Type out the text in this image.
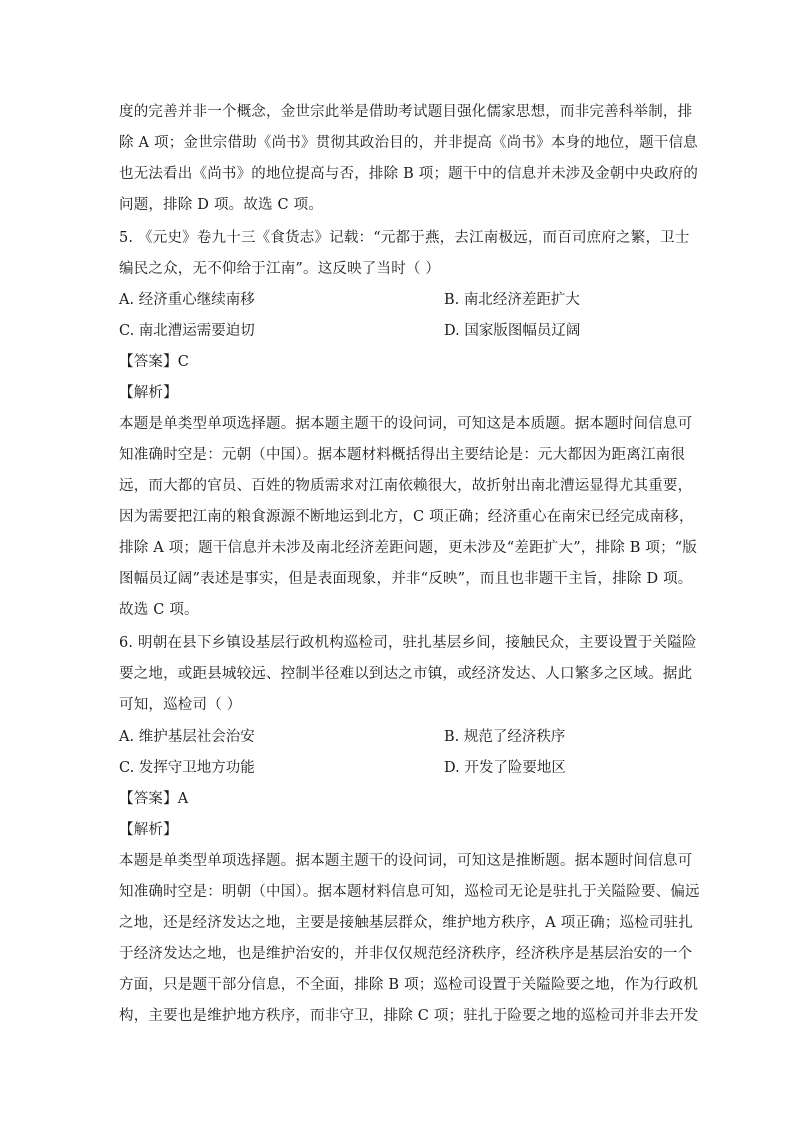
度的完善并非一个概念，金世宗此举是借助考试题目强化儒家思想，而非完善科举制，排
除 A 项；金世宗借助《尚书》贯彻其政治目的，并非提高《尚书》本身的地位，题干信息
也无法看出《尚书》的地位提高与否，排除 B 项；题干中的信息并未涉及金朝中央政府的
问题，排除 D 项。故选 C 项。
5. 《元史》卷九十三《食货志》记载：“元都于燕，去江南极远，而百司庶府之繁，卫士
编民之众，无不仰给于江南”。这反映了当时（ ）
A. 经济重心继续南移	B. 南北经济差距扩大
C. 南北漕运需要迫切	D. 国家版图幅员辽阔
【答案】C
【解析】
本题是单类型单项选择题。据本题主题干的设问词，可知这是本质题。据本题时间信息可
知准确时空是：元朝（中国）。据本题材料概括得出主要结论是：元大都因为距离江南很
远，而大都的官员、百姓的物质需求对江南依赖很大，故折射出南北漕运显得尤其重要，
因为需要把江南的粮食源源不断地运到北方，C 项正确；经济重心在南宋已经完成南移，
排除 A 项；题干信息并未涉及南北经济差距问题，更未涉及“差距扩大”，排除 B 项；“版
图幅员辽阔”表述是事实，但是表面现象，并非“反映”，而且也非题干主旨，排除 D 项。
故选 C 项。
6. 明朝在县下乡镇设基层行政机构巡检司，驻扎基层乡间，接触民众，主要设置于关隘险
要之地，或距县城较远、控制半径难以到达之市镇，或经济发达、人口繁多之区域。据此
可知，巡检司（ ）
A. 维护基层社会治安	B. 规范了经济秩序
C. 发挥守卫地方功能	D. 开发了险要地区
【答案】A
【解析】
本题是单类型单项选择题。据本题主题干的设问词，可知这是推断题。据本题时间信息可
知准确时空是：明朝（中国）。据本题材料信息可知，巡检司无论是驻扎于关隘险要、偏远
之地，还是经济发达之地，主要是接触基层群众，维护地方秩序，A 项正确；巡检司驻扎
于经济发达之地，也是维护治安的，并非仅仅规范经济秩序，经济秩序是基层治安的一个
方面，只是题干部分信息，不全面，排除 B 项；巡检司设置于关隘险要之地，作为行政机
构，主要也是维护地方秩序，而非守卫，排除 C 项；驻扎于险要之地的巡检司并非去开发
